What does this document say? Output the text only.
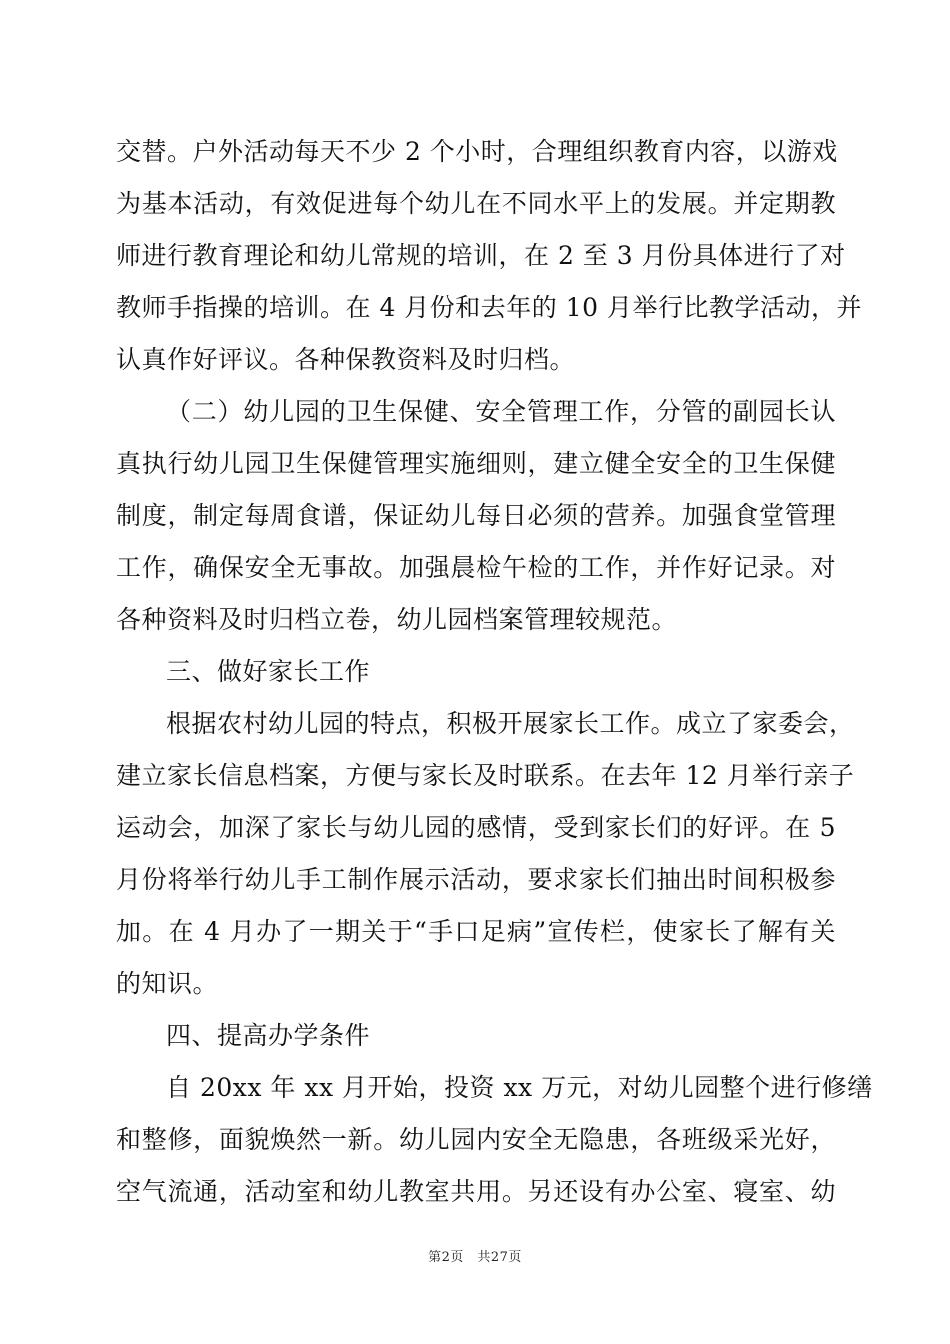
交替。户外活动每天不少 2 个小时，合理组织教育内容，以游戏
为基本活动，有效促进每个幼儿在不同水平上的发展。并定期教
师进行教育理论和幼儿常规的培训，在 2 至 3 月份具体进行了对
教师手指操的培训。在 4 月份和去年的 10 月举行比教学活动，并
认真作好评议。各种保教资料及时归档。
（二）幼儿园的卫生保健、安全管理工作，分管的副园长认
真执行幼儿园卫生保健管理实施细则，建立健全安全的卫生保健
制度，制定每周食谱，保证幼儿每日必须的营养。加强食堂管理
工作，确保安全无事故。加强晨检午检的工作，并作好记录。对
各种资料及时归档立卷，幼儿园档案管理较规范。
三、做好家长工作
根据农村幼儿园的特点，积极开展家长工作。成立了家委会，
建立家长信息档案，方便与家长及时联系。在去年 12 月举行亲子
运动会，加深了家长与幼儿园的感情，受到家长们的好评。在 5
月份将举行幼儿手工制作展示活动，要求家长们抽出时间积极参
加。在 4 月办了一期关于“手口足病”宣传栏，使家长了解有关
的知识。
四、提高办学条件
自 20xx 年 xx 月开始，投资 xx 万元，对幼儿园整个进行修缮
和整修，面貌焕然一新。幼儿园内安全无隐患，各班级采光好，
空气流通，活动室和幼儿教室共用。另还设有办公室、寝室、幼
第2页　共27页
